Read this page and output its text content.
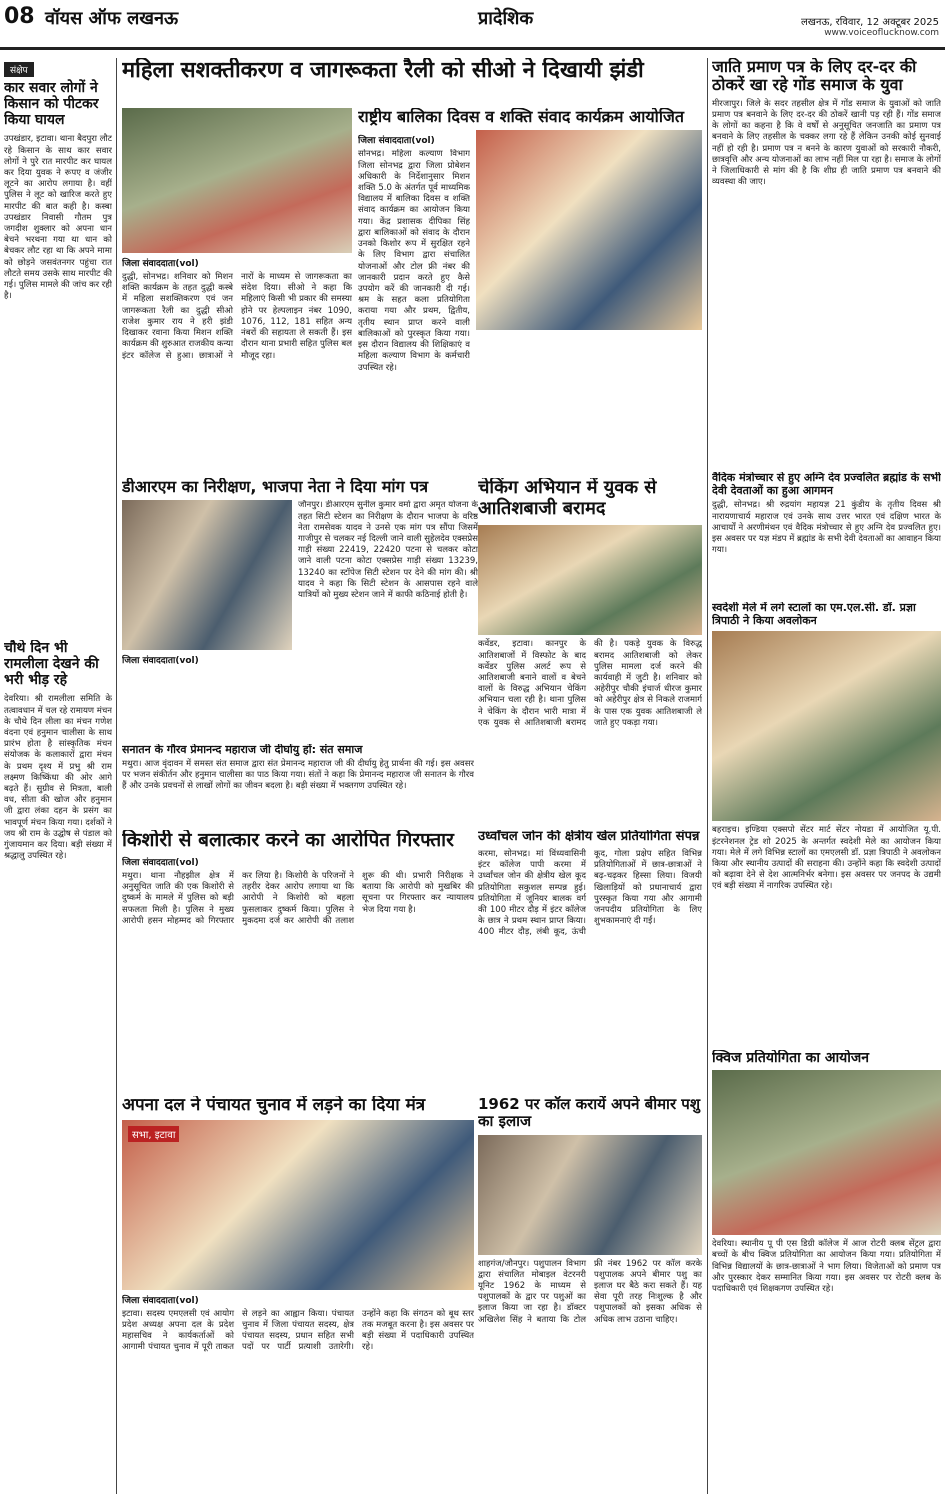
08 वॉयस ऑफ लखनऊ	प्रादेशिक	लखनऊ, रविवार, 12 अक्टूबर 2025
www.voiceoflucknow.com
संक्षेप
कार सवार लोगों ने किसान को पीटकर किया घायल

उपखंडार, इटावा। थाना बैदपुरा लौट रहे किसान के साथ कार सवार लोगों ने पुरे रात मारपीट कर घायल कर दिया युवक ने रूपए व जंजीर लूटने का आरोप लगाया है। वहीं पुलिस ने लूट को खारिज करते हुए मारपीट की बात कही है। कस्बा उपखंडार निवासी गौतम पुत्र जगदीश शुक्लार को अपना धान बेचने भरथना गया था धान को बेचकर लौट रहा था कि अपने मामा को छोड़ने जसवंतनगर पहुंचा रात लौटते समय उसके साथ मारपीट की गई। पुलिस मामले की जांच कर रही है।

चौथे दिन भी रामलीला देखने की भरी भीड़ रहे

देवरिया। श्री रामलीला समिति के तत्वावधान में चल रहे रामायण मंचन के चौथे दिन लीला का मंचन गणेश वंदना एवं हनुमान चालीसा के साथ प्रारंभ होता है सांस्कृतिक मंचन संयोजक के कलाकारों द्वारा मंचन के प्रथम दृश्य में प्रभु श्री राम लक्ष्मण किष्किंधा की ओर आगे बढ़ते हैं। सुग्रीव से मित्रता, बाली वध, सीता की खोज और हनुमान जी द्वारा लंका दहन के प्रसंग का भावपूर्ण मंचन किया गया। दर्शकों ने जय श्री राम के उद्घोष से पंडाल को गुंजायमान कर दिया। बड़ी संख्या में श्रद्धालु उपस्थित रहे।

महिला सशक्तीकरण व जागरूकता रैली को सीओ ने दिखायी झंडी
जिला संवाददाता(vol)

दुद्धी, सोनभद्र। शनिवार को मिशन शक्ति कार्यक्रम के तहत दुद्धी कस्बे में महिला सशक्तिकरण एवं जन जागरूकता रैली का दुद्धी सीओ राजेश कुमार राय ने हरी झंडी दिखाकर रवाना किया मिशन शक्ति कार्यक्रम की शुरुआत राजकीय कन्या इंटर कॉलेज से हुआ। छात्राओं ने नारों के माध्यम से जागरूकता का संदेश दिया। सीओ ने कहा कि महिलाएं किसी भी प्रकार की समस्या होने पर हेल्पलाइन नंबर 1090, 1076, 112, 181 सहित अन्य नंबरों की सहायता ले सकती हैं। इस दौरान थाना प्रभारी सहित पुलिस बल मौजूद रहा।

राष्ट्रीय बालिका दिवस व शक्ति संवाद कार्यक्रम आयोजित
जिला संवाददाता(vol)

सोनभद्र। महिला कल्याण विभाग जिला सोनभद्र द्वारा जिला प्रोबेशन अधिकारी के निर्देशानुसार मिशन शक्ति 5.0 के अंतर्गत पूर्व माध्यमिक विद्यालय में बालिका दिवस व शक्ति संवाद कार्यक्रम का आयोजन किया गया। केंद्र प्रशासक दीपिका सिंह द्वारा बालिकाओं को संवाद के दौरान उनको किशोर रूप में सुरक्षित रहने के लिए विभाग द्वारा संचालित योजनाओं और टोल फ्री नंबर की जानकारी प्रदान करते हुए कैसे उपयोग करें की जानकारी दी गई। श्रम के सहत कला प्रतियोगिता कराया गया और प्रथम, द्वितीय, तृतीय स्थान प्राप्त करने वाली बालिकाओं को पुरस्कृत किया गया। इस दौरान विद्यालय की शिक्षिकाएं व महिला कल्याण विभाग के कर्मचारी उपस्थित रहे।

डीआरएम का निरीक्षण, भाजपा नेता ने दिया मांग पत्र
जिला संवाददाता(vol)

जौनपुर। डीआरएम सुनील कुमार वर्मा द्वारा अमृत योजना के तहत सिटी स्टेशन का निरीक्षण के दौरान भाजपा के वरिष्ठ नेता रामसेवक यादव ने उनसे एक मांग पत्र सौंपा जिसमें गाजीपुर से चलकर नई दिल्ली जाने वाली सुहेलदेव एक्सप्रेस गाड़ी संख्या 22419, 22420 पटना से चलकर कोटा जाने वाली पटना कोटा एक्सप्रेस गाड़ी संख्या 13239, 13240 का स्टॉपेज सिटी स्टेशन पर देने की मांग की। श्री यादव ने कहा कि सिटी स्टेशन के आसपास रहने वाले यात्रियों को मुख्य स्टेशन जाने में काफी कठिनाई होती है।

चेकिंग अभियान में युवक से आतिशबाजी बरामद

कर्वेडर, इटावा। कानपुर के आतिशबाजों में विस्फोट के बाद कर्वेडर पुलिस अलर्ट रूप से आतिशबाजी बनाने वालों व बेचने वालों के विरुद्ध अभियान चेकिंग अभियान चला रही है। थाना पुलिस ने चेकिंग के दौरान भारी मात्रा में एक युवक से आतिशबाजी बरामद की है। पकड़े युवक के विरुद्ध बरामद आतिशबाजी को लेकर पुलिस मामला दर्ज करने की कार्यवाही में जुटी है। शनिवार को अहेरीपुर चौकी इंचार्ज धीरज कुमार को अहेरीपुर क्षेत्र से निकले राजमार्ग के पास एक युवक आतिशबाजी ले जाते हुए पकड़ा गया।

सनातन के गौरव प्रेमानन्द महाराज जी दीर्घायु हों: संत समाज

मथुरा। आज वृंदावन में समस्त संत समाज द्वारा संत प्रेमानन्द महाराज जी की दीर्घायु हेतु प्रार्थना की गई। इस अवसर पर भजन संकीर्तन और हनुमान चालीसा का पाठ किया गया। संतों ने कहा कि प्रेमानन्द महाराज जी सनातन के गौरव हैं और उनके प्रवचनों से लाखों लोगों का जीवन बदला है। बड़ी संख्या में भक्तगण उपस्थित रहे।

किशोरी से बलात्कार करने का आरोपित गिरफ्तार
जिला संवाददाता(vol)

मथुरा। थाना नौहझील क्षेत्र में अनुसूचित जाति की एक किशोरी से दुष्कर्म के मामले में पुलिस को बड़ी सफलता मिली है। पुलिस ने मुख्य आरोपी हसन मोहम्मद को गिरफ्तार कर लिया है। किशोरी के परिजनों ने तहरीर देकर आरोप लगाया था कि आरोपी ने किशोरी को बहला फुसलाकर दुष्कर्म किया। पुलिस ने मुकदमा दर्ज कर आरोपी की तलाश शुरू की थी। प्रभारी निरीक्षक ने बताया कि आरोपी को मुखबिर की सूचना पर गिरफ्तार कर न्यायालय भेज दिया गया है।

उर्ध्वांचल जोन की क्षेत्रीय खेल प्रतियोगिता संपन्न

करमा, सोनभद्र। मां विंध्यवासिनी इंटर कॉलेज पापी करमा में उर्ध्वांचल जोन की क्षेत्रीय खेल कूद प्रतियोगिता सकुशल सम्पन्न हुई। प्रतियोगिता में जूनियर बालक वर्ग की 100 मीटर दौड़ में इंटर कॉलेज के छात्र ने प्रथम स्थान प्राप्त किया। 400 मीटर दौड़, लंबी कूद, ऊंची कूद, गोला प्रक्षेप सहित विभिन्न प्रतियोगिताओं में छात्र-छात्राओं ने बढ़-चढ़कर हिस्सा लिया। विजयी खिलाड़ियों को प्रधानाचार्य द्वारा पुरस्कृत किया गया और आगामी जनपदीय प्रतियोगिता के लिए शुभकामनाएं दी गईं।

अपना दल ने पंचायत चुनाव में लड़ने का दिया मंत्र
सभा, इटावा
जिला संवाददाता(vol)

इटावा। सदस्य एमएलसी एवं आयोग प्रदेश अध्यक्ष अपना दल के प्रदेश महासचिव ने कार्यकर्ताओं को आगामी पंचायत चुनाव में पूरी ताकत से लड़ने का आह्वान किया। पंचायत चुनाव में जिला पंचायत सदस्य, क्षेत्र पंचायत सदस्य, प्रधान सहित सभी पदों पर पार्टी प्रत्याशी उतारेगी। उन्होंने कहा कि संगठन को बूथ स्तर तक मजबूत करना है। इस अवसर पर बड़ी संख्या में पदाधिकारी उपस्थित रहे।

1962 पर कॉल करायें अपने बीमार पशु का इलाज

शाहगंज/जौनपुर। पशुपालन विभाग द्वारा संचालित मोबाइल वेटरनरी यूनिट 1962 के माध्यम से पशुपालकों के द्वार पर पशुओं का इलाज किया जा रहा है। डॉक्टर अखिलेश सिंह ने बताया कि टोल फ्री नंबर 1962 पर कॉल करके पशुपालक अपने बीमार पशु का इलाज घर बैठे करा सकते हैं। यह सेवा पूरी तरह निःशुल्क है और पशुपालकों को इसका अधिक से अधिक लाभ उठाना चाहिए।

जाति प्रमाण पत्र के लिए दर-दर की ठोकरें खा रहे गोंड समाज के युवा

मीरजापुर। जिले के सदर तहसील क्षेत्र में गोंड समाज के युवाओं को जाति प्रमाण पत्र बनवाने के लिए दर-दर की ठोकरें खानी पड़ रही हैं। गोंड समाज के लोगों का कहना है कि वे वर्षों से अनुसूचित जनजाति का प्रमाण पत्र बनवाने के लिए तहसील के चक्कर लगा रहे हैं लेकिन उनकी कोई सुनवाई नहीं हो रही है। प्रमाण पत्र न बनने के कारण युवाओं को सरकारी नौकरी, छात्रवृत्ति और अन्य योजनाओं का लाभ नहीं मिल पा रहा है। समाज के लोगों ने जिलाधिकारी से मांग की है कि शीघ्र ही जाति प्रमाण पत्र बनवाने की व्यवस्था की जाए।

वैदिक मंत्रोच्चार से हुए अग्नि देव प्रज्वलित ब्रह्मांड के सभी देवी देवताओं का हुआ आगमन

दुद्धी, सोनभद्र। श्री रुद्रयांग महायज्ञ 21 कुंडीय के तृतीय दिवस श्री नारायणाचार्य महाराज एवं उनके साथ उत्तर भारत एवं दक्षिण भारत के आचार्यों ने अरणीमंथन एवं वैदिक मंत्रोच्चार से हुए अग्नि देव प्रज्वलित हुए। इस अवसर पर यज्ञ मंडप में ब्रह्मांड के सभी देवी देवताओं का आवाहन किया गया।

स्वदेशी मेले में लगे स्टालों का एम.एल.सी. डॉ. प्रज्ञा त्रिपाठी ने किया अवलोकन

बहराइच। इण्डिया एक्सपो सेंटर मार्ट सेंटर नोयडा में आयोजित यू.पी. इंटरनेशनल ट्रेड शो 2025 के अन्तर्गत स्वदेशी मेले का आयोजन किया गया। मेले में लगे विभिन्न स्टालों का एमएलसी डॉ. प्रज्ञा त्रिपाठी ने अवलोकन किया और स्थानीय उत्पादों की सराहना की। उन्होंने कहा कि स्वदेशी उत्पादों को बढ़ावा देने से देश आत्मनिर्भर बनेगा। इस अवसर पर जनपद के उद्यमी एवं बड़ी संख्या में नागरिक उपस्थित रहे।

क्विज प्रतियोगिता का आयोजन

देवरिया। स्थानीय पू पी एस डिग्री कॉलेज में आज रोटरी क्लब सेंट्रल द्वारा बच्चों के बीच क्विज प्रतियोगिता का आयोजन किया गया। प्रतियोगिता में विभिन्न विद्यालयों के छात्र-छात्राओं ने भाग लिया। विजेताओं को प्रमाण पत्र और पुरस्कार देकर सम्मानित किया गया। इस अवसर पर रोटरी क्लब के पदाधिकारी एवं शिक्षकगण उपस्थित रहे।
